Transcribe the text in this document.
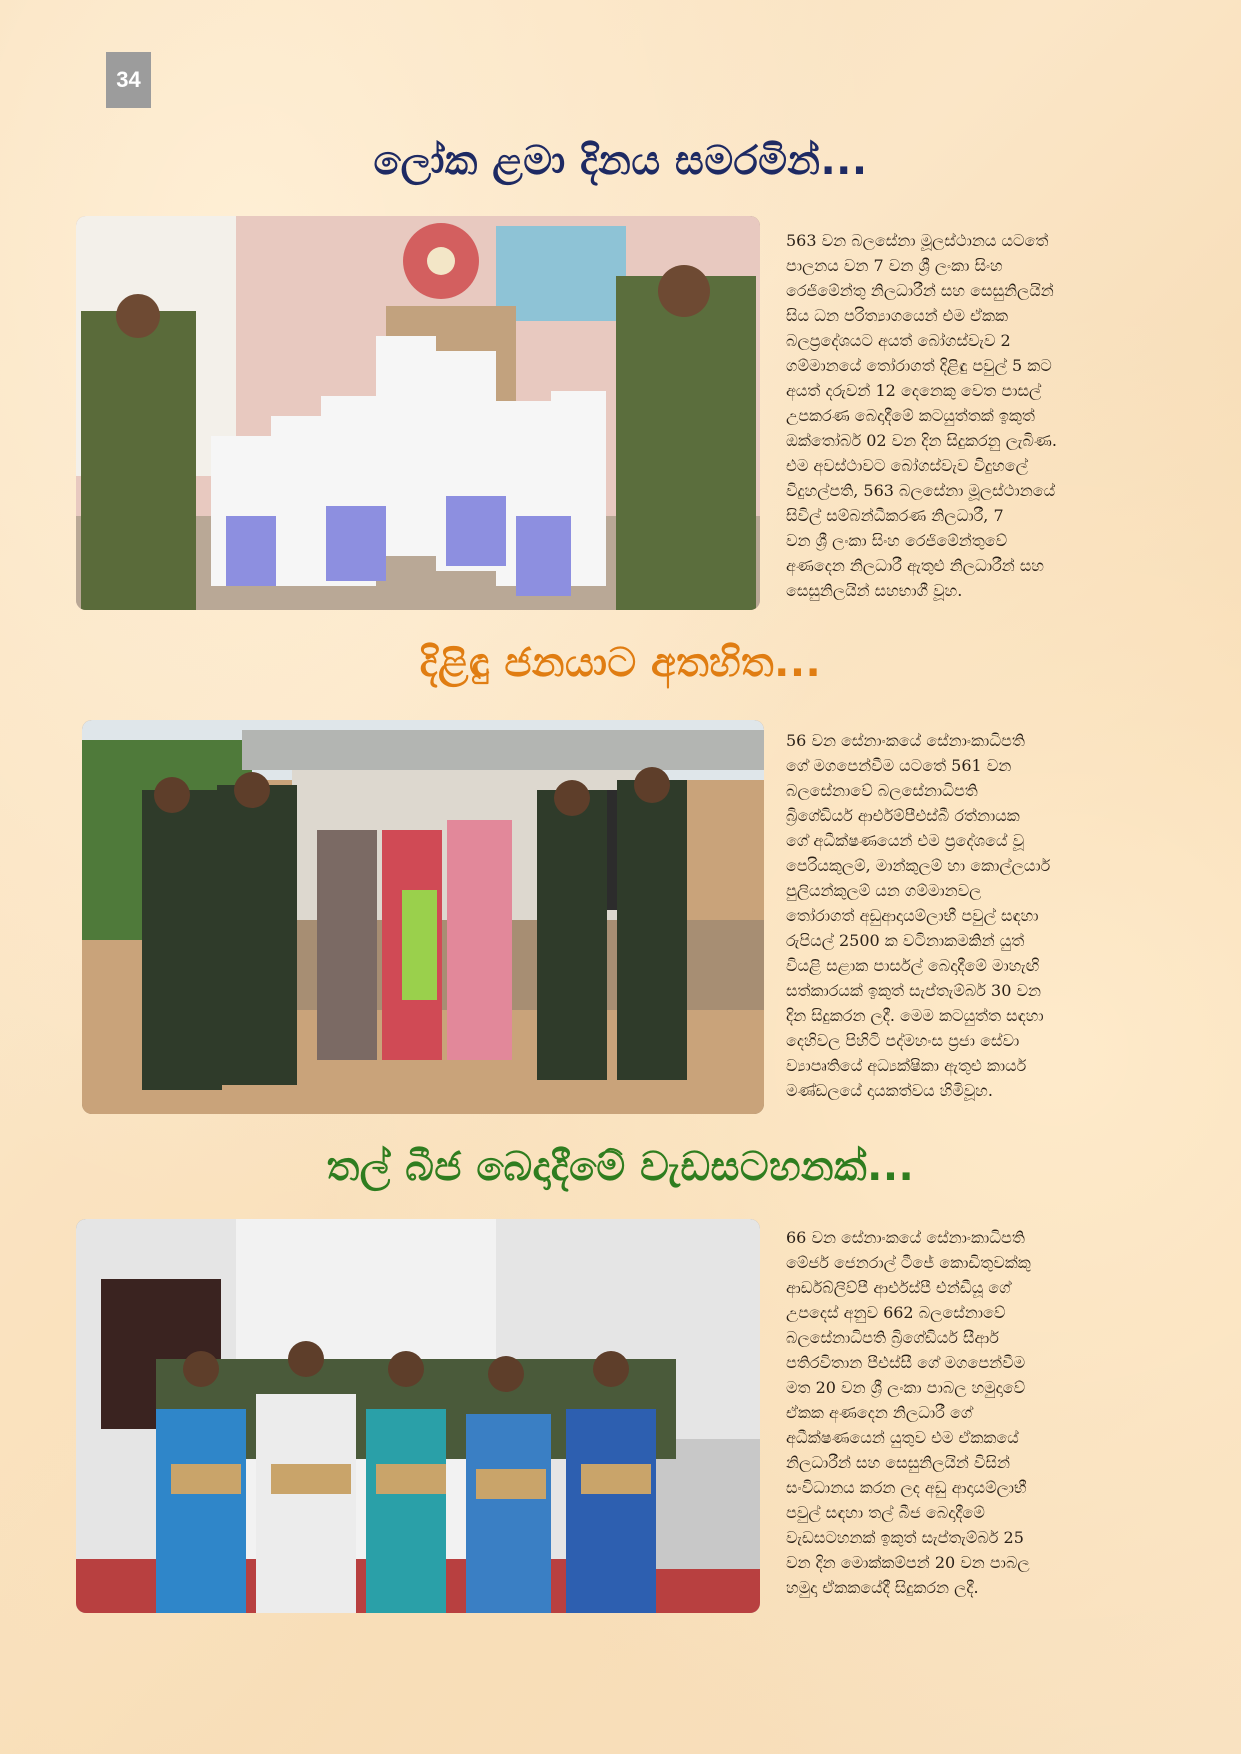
34
ලෝක ළමා දිනය සමරමින්...

563 වන බලසේනා මූලස්ථානය යටතේ
පාලනය වන 7 වන ශ්‍රී ලංකා සිංහ
රෙජිමේන්තු නිලධාරීන් සහ සෙසුනිලයින්
සිය ධන පරිත්‍යාගයෙන් එම ඒකක
බලප්‍රදේශයට අයත් බෝගස්වැව 2
ගම්මානයේ තෝරාගත් දිළිඳු පවුල් 5 කට
අයත් දරුවන් 12 දෙනෙකු වෙත පාසල්
උපකරණ බෙදාදීමේ කටයුත්තක් ඉකුත්
ඔක්තෝබර් 02 වන දින සිදුකරනු ලැබිණ.
එම අවස්ථාවට බෝගස්වැව විදුහලේ
විදුහල්පති, 563 බලසේනා මූලස්ථානයේ
සිවිල් සම්බන්ධීකරණ නිලධාරී, 7
වන ශ්‍රී ලංකා සිංහ රෙජිමේන්තුවේ
අණදෙන නිලධාරී ඇතුළු නිලධාරීන් සහ
සෙසුනිලයින් සහභාගී වූහ.

දිළිඳු ජනයාට අතහිත...

56 වන සේනාංකයේ සේනාංකාධිපති
ගේ මගපෙන්වීම යටතේ 561 වන
බලසේනාවේ බලසේනාධිපති
බ්‍රිගේඩියර් ආර්එම්පීඑස්බී රත්නායක
ගේ අධීක්ෂණයෙන් එම ප්‍රදේශයේ වූ
පෙරියකුලම්, මාන්කුලම් හා කොල්ලයාර්
පුලියන්කුලම් යන ගම්මානවල
තෝරාගත් අඩුආදායම්ලාභී පවුල් සඳහා
රුපියල් 2500 ක වටිනාකමකින් යුත්
වියළි සළාක පාර්සල් බෙදාදීමේ මාහැඟි
සත්කාරයක් ඉකුත් සැප්තැම්බර් 30 වන
දින සිදුකරන ලදී. මෙම කටයුත්ත සඳහා
දෙහිවල පිහිටි පද්මහංස ප්‍රජා සේවා
ව්‍යාපෘතියේ අධ්‍යක්ෂිකා ඇතුළු කාර්ය
මණ්ඩලයේ දායකත්වය හිමිවූහ.

තල් බීජ බෙදාදීමේ වැඩසටහනක්...

66 වන සේනාංකයේ සේනාංකාධිපති
මේජර් ජෙනරාල් ටීජේ කොඩිතුවක්කු
ආර්ඩබ්ලිව්පී ආර්එස්පී එන්ඩීයූ ගේ
උපදෙස් අනුව 662 බලසේනාවේ
බලසේනාධිපති බ්‍රිගේඩියර් සීආර්
පතිරවිතාන පීඑස්සී ගේ මගපෙන්වීම
මත 20 වන ශ්‍රී ලංකා පාබල හමුදාවේ
ඒකක අණදෙන නිලධාරී ගේ
අධීක්ෂණයෙන් යුතුව එම ඒකකයේ
නිලධාරීන් සහ සෙසුනිලයින් විසින්
සංවිධානය කරන ලද අඩු ආදායම්ලාභී
පවුල් සඳහා තල් බීජ බෙදාදීමේ
වැඩසටහනක් ඉකුත් සැප්තැම්බර් 25
වන දින මොක්කම්පන් 20 වන පාබල
හමුදා ඒකකයේදී සිදුකරන ලදී.
